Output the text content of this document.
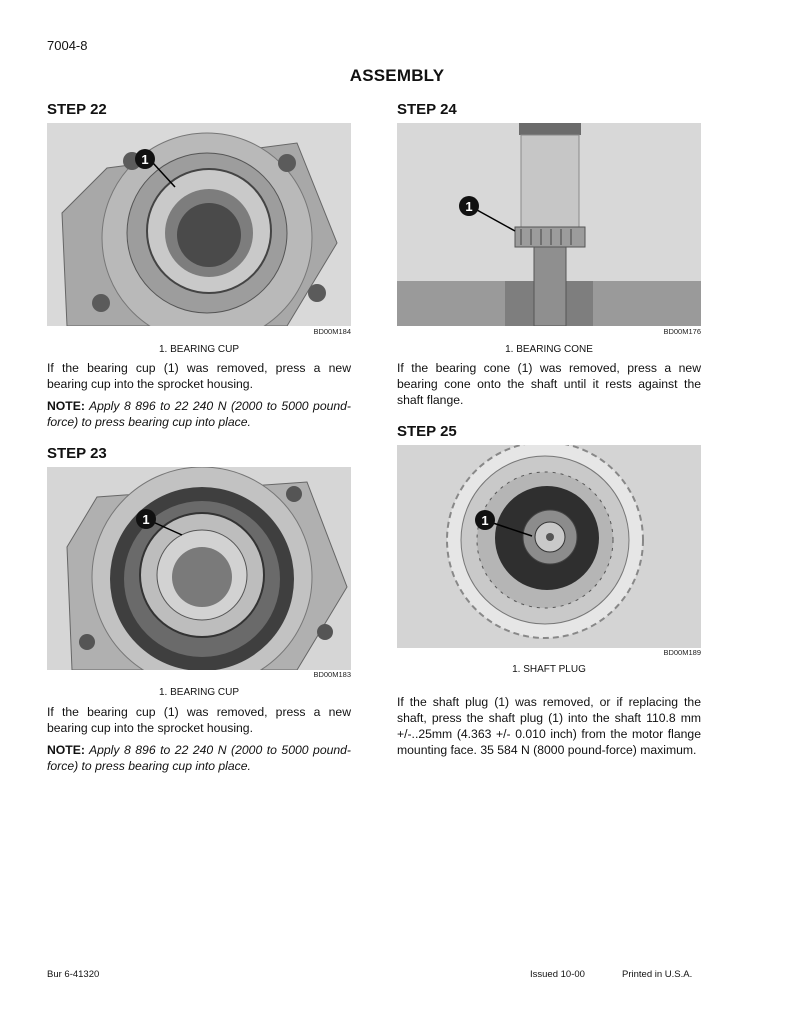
7004-8
ASSEMBLY
STEP 22
1
BD00M184
1. BEARING CUP
If the bearing cup (1) was removed, press a new bearing cup into the sprocket housing.
NOTE: Apply 8 896 to 22 240 N (2000 to 5000 pound- force) to press bearing cup into place.
STEP 23
1
BD00M183
1. BEARING CUP
If the bearing cup (1) was removed, press a new bearing cup into the sprocket housing.
NOTE: Apply 8 896 to 22 240 N (2000 to 5000 pound-force) to press bearing cup into place.
STEP 24
1
BD00M176
1. BEARING CONE
If the bearing cone (1) was removed, press a new bearing cone onto the shaft until it rests against the shaft flange.
STEP 25
1
BD00M189
1. SHAFT PLUG
If the shaft plug (1) was removed, or if replacing the shaft, press the shaft plug (1) into the shaft 110.8 mm +/-..25mm (4.363 +/- 0.010 inch) from the motor flange mounting face. 35 584 N (8000 pound-force) maximum.
Bur 6-41320	Issued 10-00	Printed in U.S.A.
